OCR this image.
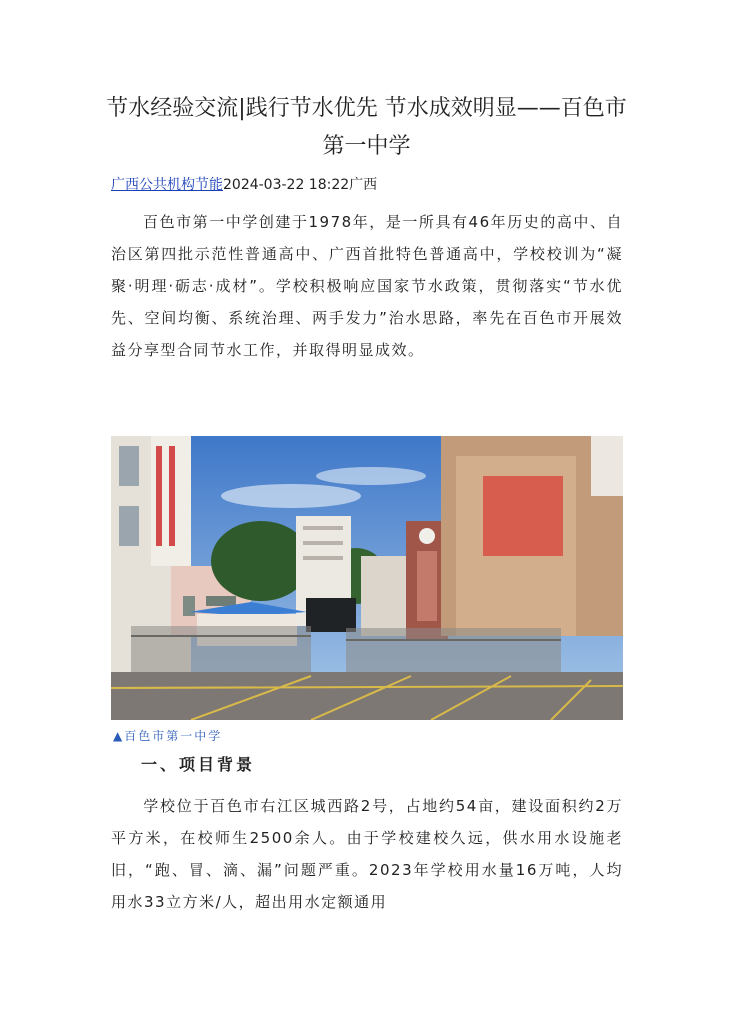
节水经验交流|践行节水优先 节水成效明显——百色市第一中学
广西公共机构节能2024-03-22 18:22广西

百色市第一中学创建于1978年，是一所具有46年历史的高中、自治区第四批示范性普通高中、广西首批特色普通高中，学校校训为“凝聚·明理·砺志·成材”。学校积极响应国家节水政策，贯彻落实“节水优先、空间均衡、系统治理、两手发力”治水思路，率先在百色市开展效益分享型合同节水工作，并取得明显成效。

▲百色市第一中学
一、项目背景

学校位于百色市右江区城西路2号，占地约54亩，建设面积约2万平方米，在校师生2500余人。由于学校建校久远，供水用水设施老旧，“跑、冒、滴、漏”问题严重。2023年学校用水量16万吨，人均用水33立方米/人，超出用水定额通用
